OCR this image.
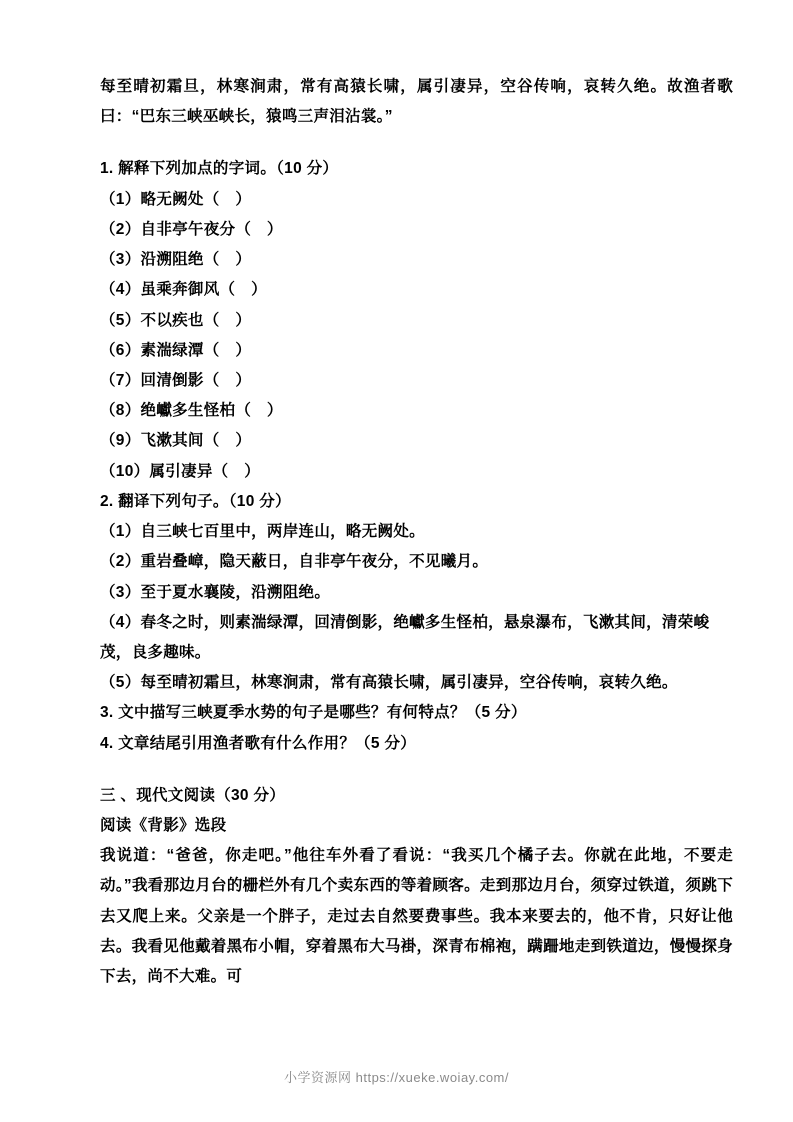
每至晴初霜旦，林寒涧肃，常有高猿长啸，属引凄异，空谷传响，哀转久绝。故渔者歌曰：“巴东三峡巫峡长，猿鸣三声泪沾裳。”

1. 解释下列加点的字词。（10 分）

（1）略无阙处（　）

（2）自非亭午夜分（　）

（3）沿溯阻绝（　）

（4）虽乘奔御风（　）

（5）不以疾也（　）

（6）素湍绿潭（　）

（7）回清倒影（　）

（8）绝巘多生怪柏（　）

（9）飞漱其间（　）

（10）属引凄异（　）

2. 翻译下列句子。（10 分）

（1）自三峡七百里中，两岸连山，略无阙处。

（2）重岩叠嶂，隐天蔽日，自非亭午夜分，不见曦月。

（3）至于夏水襄陵，沿溯阻绝。

（4）春冬之时，则素湍绿潭，回清倒影，绝巘多生怪柏，悬泉瀑布，飞漱其间，清荣峻茂，良多趣味。

（5）每至晴初霜旦，林寒涧肃，常有高猿长啸，属引凄异，空谷传响，哀转久绝。

3. 文中描写三峡夏季水势的句子是哪些？有何特点？（5 分）

4. 文章结尾引用渔者歌有什么作用？（5 分）

三 、现代文阅读（30 分）

阅读《背影》选段

我说道：“爸爸，你走吧。”他往车外看了看说：“我买几个橘子去。你就在此地，不要走动。”我看那边月台的栅栏外有几个卖东西的等着顾客。走到那边月台，须穿过铁道，须跳下去又爬上来。父亲是一个胖子，走过去自然要费事些。我本来要去的，他不肯，只好让他去。我看见他戴着黑布小帽，穿着黑布大马褂，深青布棉袍，蹒跚地走到铁道边，慢慢探身下去，尚不大难。可

小学资源网 https://xueke.woiay.com/
